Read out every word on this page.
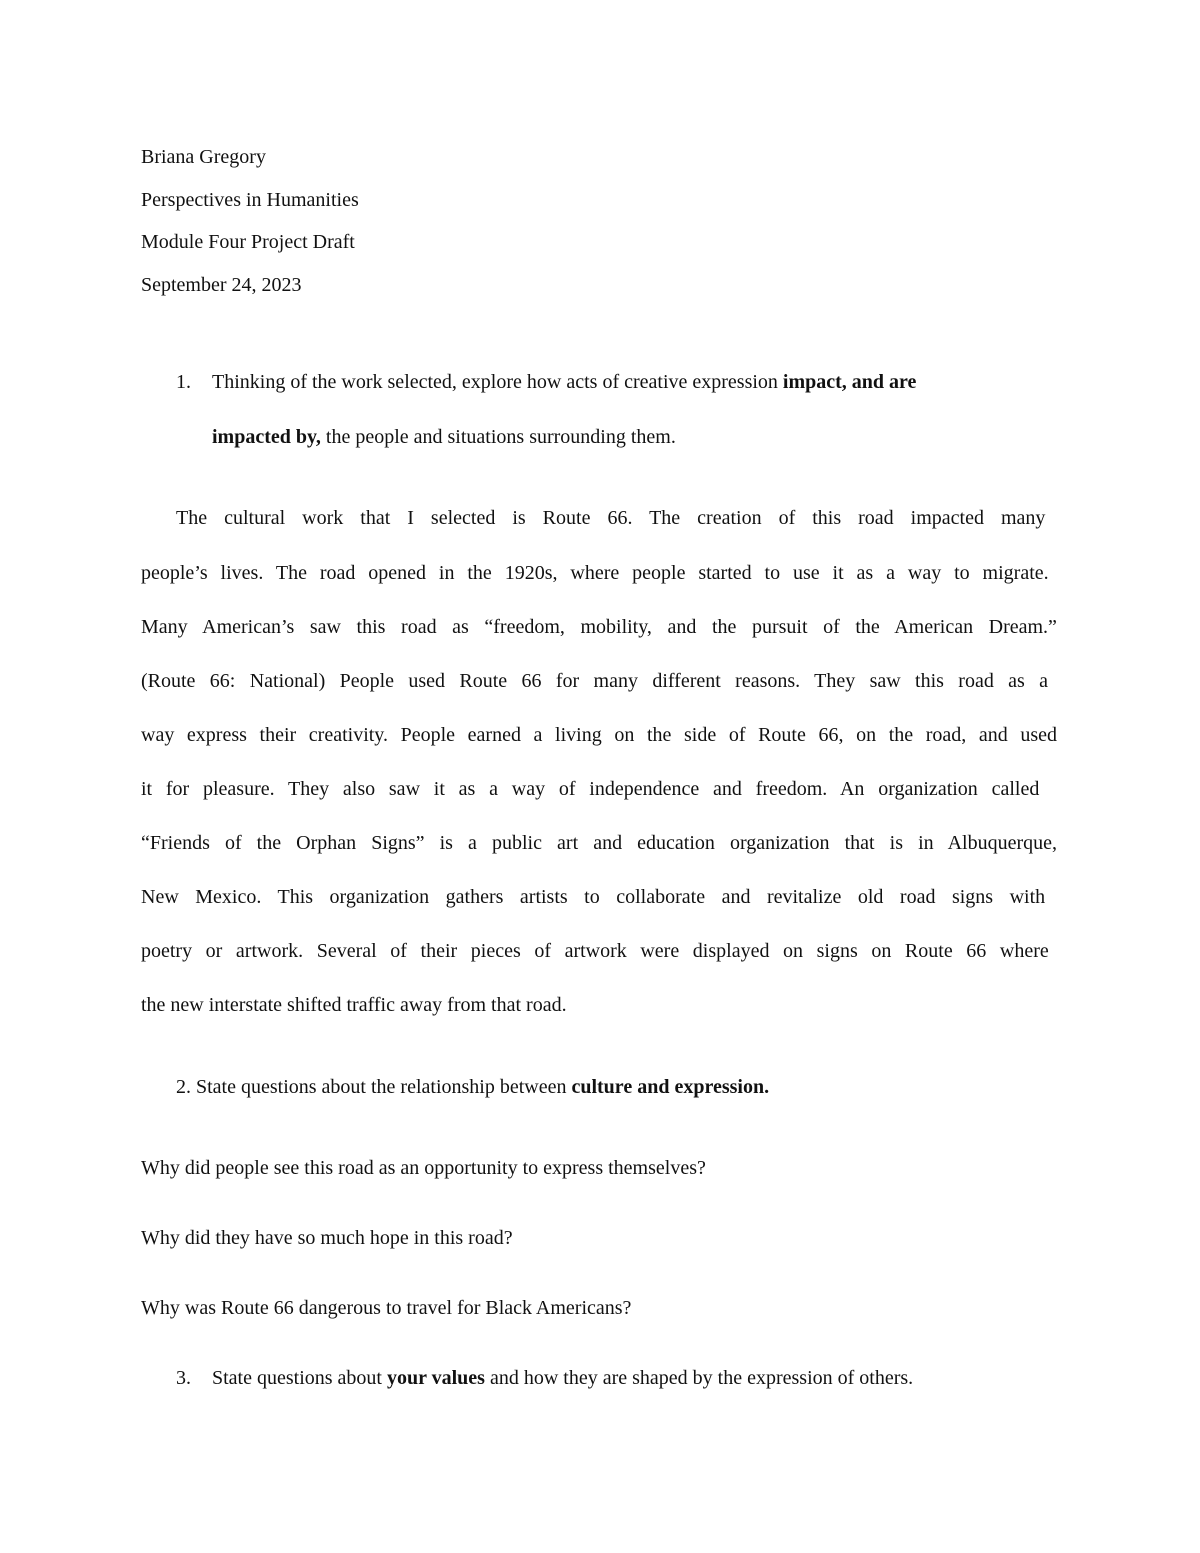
Briana Gregory
Perspectives in Humanities
Module Four Project Draft
September 24, 2023
1. Thinking of the work selected, explore how acts of creative expression impact, and are
impacted by, the people and situations surrounding them.
The cultural work that I selected is Route 66. The creation of this road impacted many
people’s lives. The road opened in the 1920s, where people started to use it as a way to migrate.
Many American’s saw this road as “freedom, mobility, and the pursuit of the American Dream.”
(Route 66: National) People used Route 66 for many different reasons. They saw this road as a
way express their creativity. People earned a living on the side of Route 66, on the road, and used
it for pleasure. They also saw it as a way of independence and freedom. An organization called
“Friends of the Orphan Signs” is a public art and education organization that is in Albuquerque,
New Mexico. This organization gathers artists to collaborate and revitalize old road signs with
poetry or artwork. Several of their pieces of artwork were displayed on signs on Route 66 where
the new interstate shifted traffic away from that road.
2. State questions about the relationship between culture and expression.
Why did people see this road as an opportunity to express themselves?
Why did they have so much hope in this road?
Why was Route 66 dangerous to travel for Black Americans?
3. State questions about your values and how they are shaped by the expression of others.
